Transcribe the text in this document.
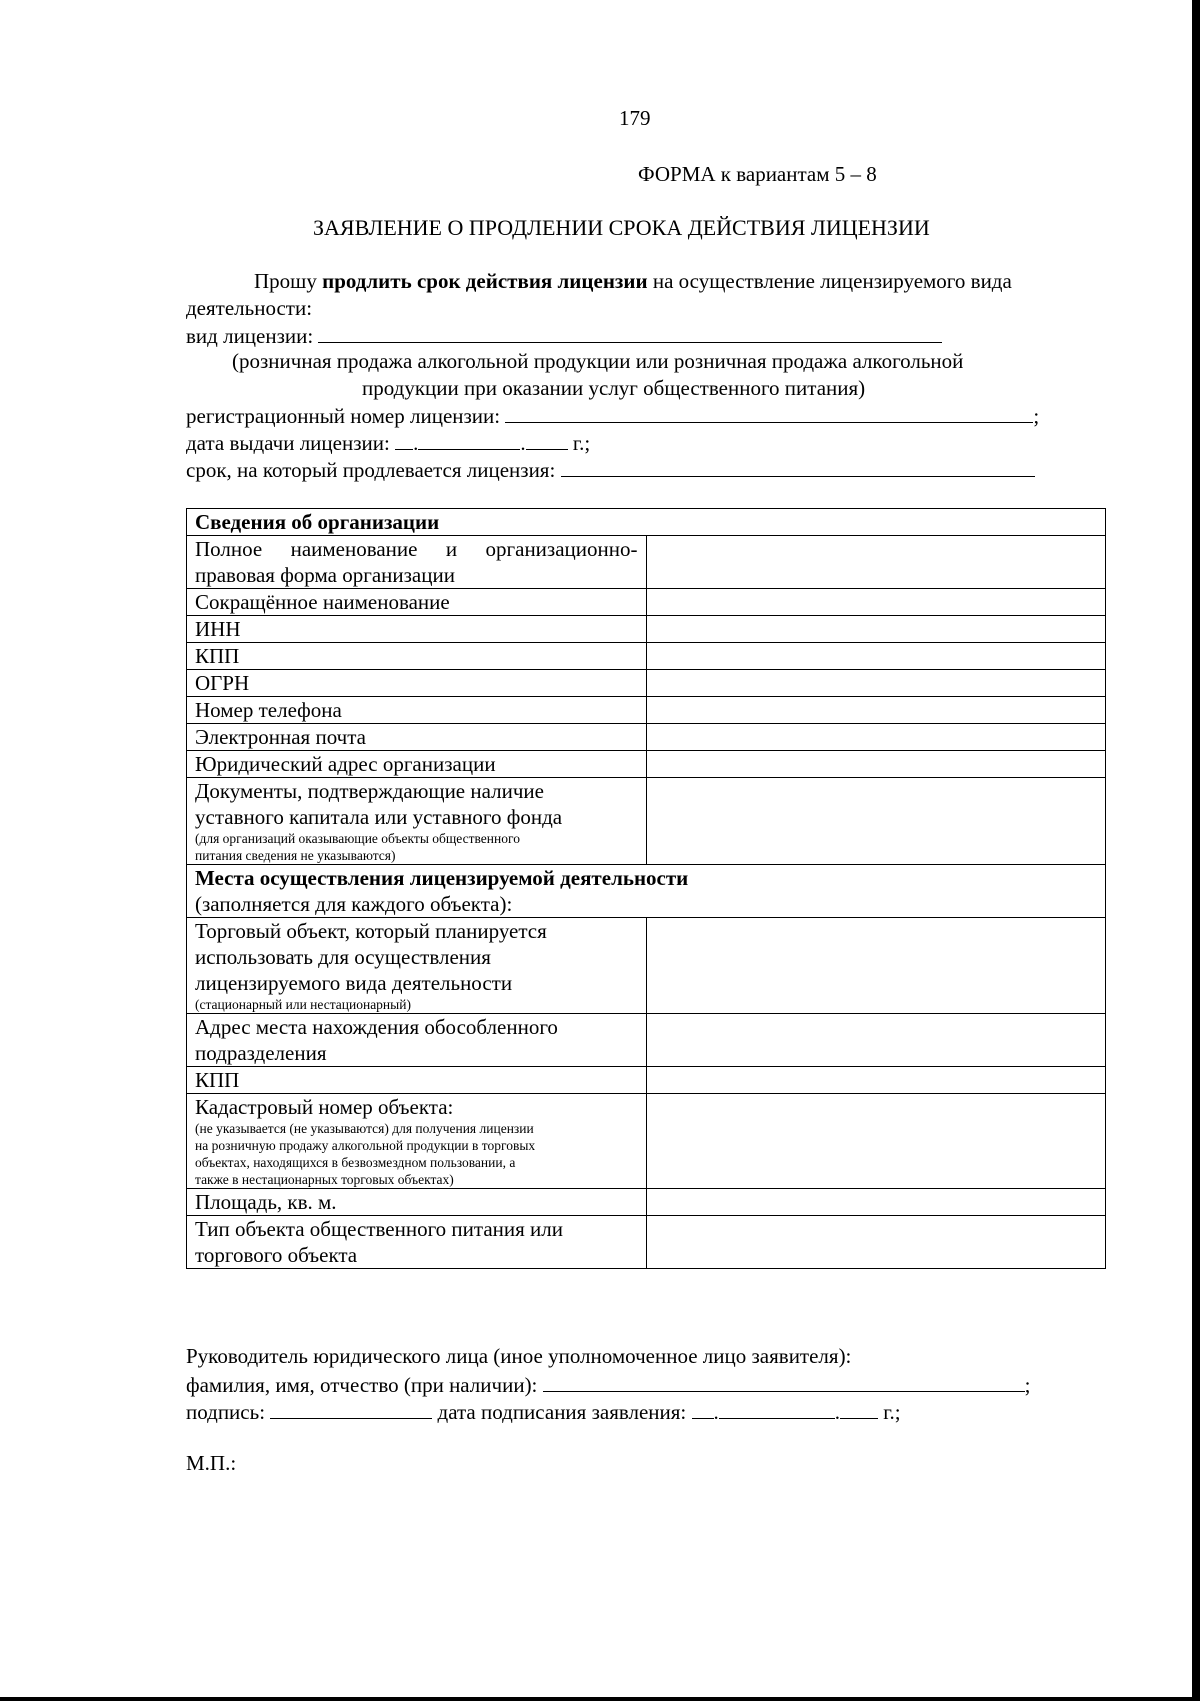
179
ФОРМА к вариантам 5 – 8
ЗАЯВЛЕНИЕ О ПРОДЛЕНИИ СРОКА ДЕЙСТВИЯ ЛИЦЕНЗИИ
Прошу продлить срок действия лицензии на осуществление лицензируемого вида
деятельности:
вид лицензии:
(розничная продажа алкогольной продукции или розничная продажа алкогольной
продукции при оказании услуг общественного питания)
регистрационный номер лицензии:	;
дата выдачи лицензии: .	. г.;
срок, на который продлевается лицензия:
Сведения об организации	

Полное наименование и организационно-
правовая форма организации	

Сокращённое наименование	
ИНН	
КПП	
ОГРН	
Номер телефона	
Электронная почта	
Юридический адрес организации	

Документы, подтверждающие наличие
уставного капитала или уставного фонда
(для организаций оказывающие объекты общественного
питания сведения не указываются)	

Места осуществления лицензируемой деятельности
(заполняется для каждого объекта):	

Торговый объект, который планируется
использовать для осуществления
лицензируемого вида деятельности
(стационарный или нестационарный)	

Адрес места нахождения обособленного
подразделения	

КПП	

Кадастровый номер объекта:
(не указывается (не указываются) для получения лицензии
на розничную продажу алкогольной продукции в торговых
объектах, находящихся в безвозмездном пользовании, а
также в нестационарных торговых объектах)	

Площадь, кв. м.	

Тип объекта общественного питания или
торгового объекта	

Руководитель юридического лица (иное уполномоченное лицо заявителя):
фамилия, имя, отчество (при наличии):	;
подпись:	дата подписания заявления: .	. г.;
М.П.:
